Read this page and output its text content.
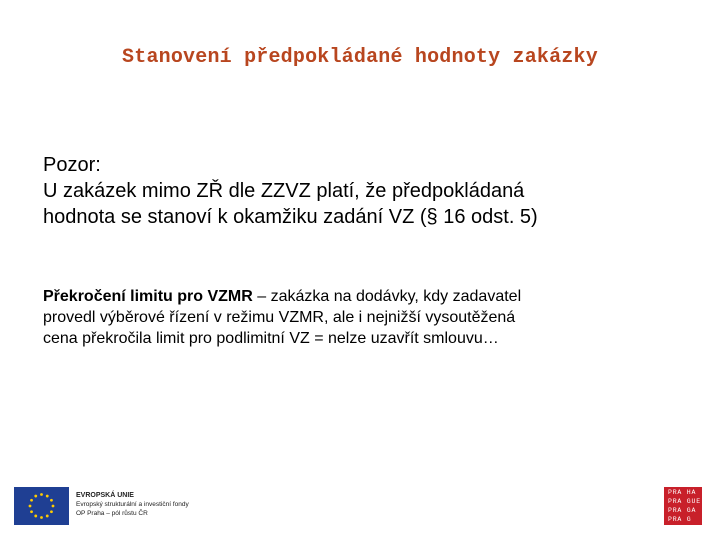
Stanovení předpokládané hodnoty zakázky
Pozor:
U zakázek mimo ZŘ dle ZZVZ platí, že předpokládaná
hodnota se stanoví k okamžiku zadání VZ (§ 16 odst. 5)
Překročení limitu pro VZMR – zakázka na dodávky, kdy zadavatel
provedl výběrové řízení v režimu VZMR, ale i nejnižší vysoutěžená
cena překročila limit pro podlimitní VZ = nelze uzavřít smlouvu…
EVROPSKÁ UNIE
Evropský strukturální a investiční fondy
OP Praha – pól růstu ČR
PRA HA
PRA GUE
PRA GA
PRA G
